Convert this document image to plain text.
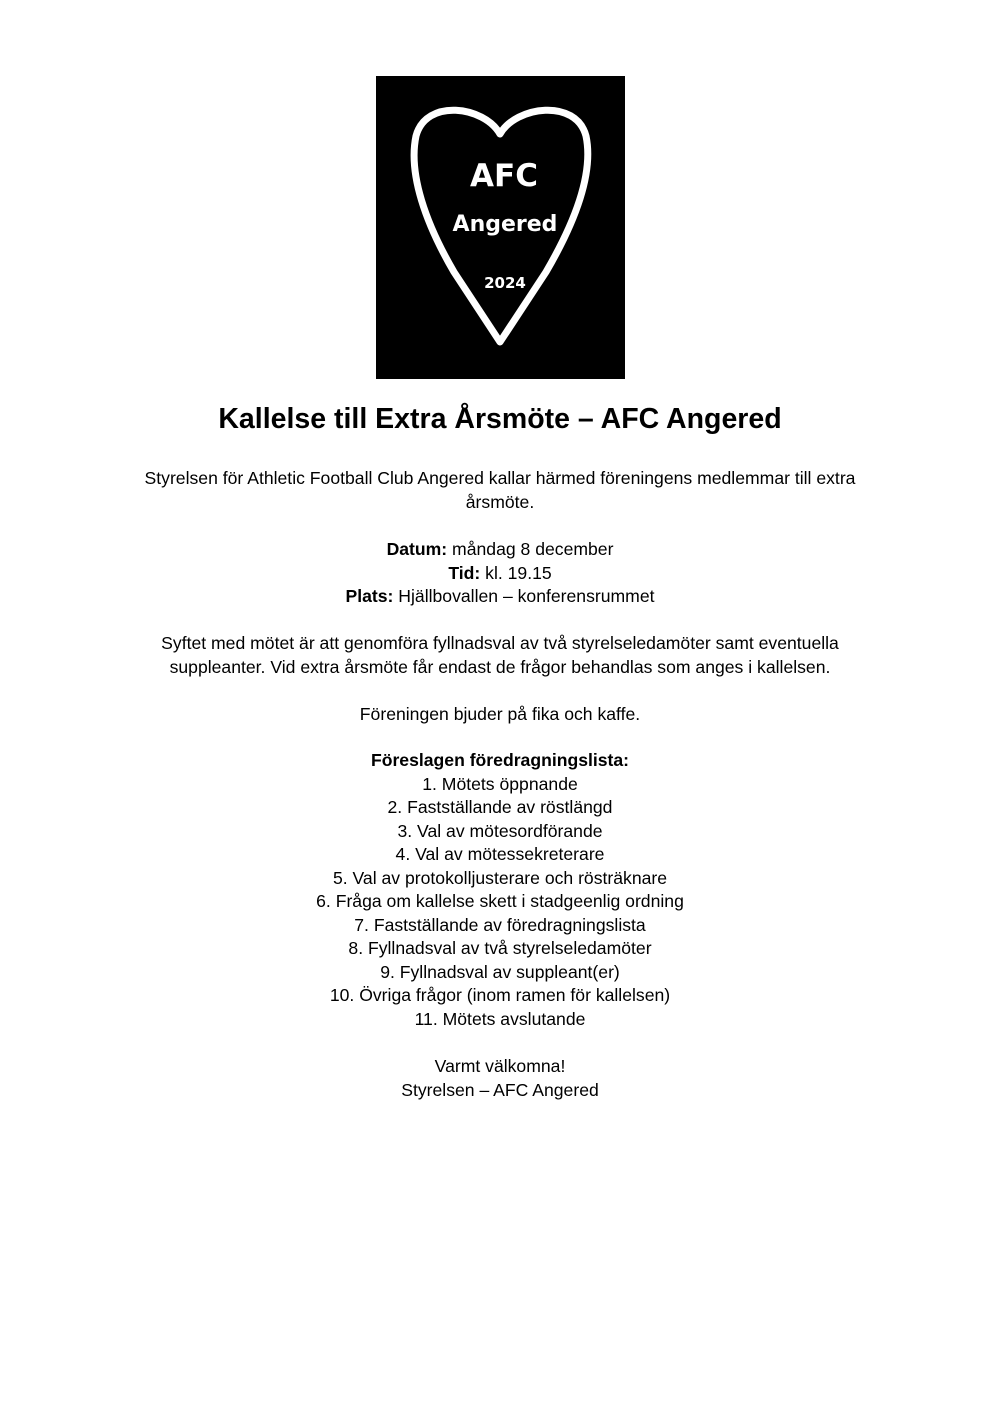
AFC
Angered
2024
Kallelse till Extra Årsmöte – AFC Angered

Styrelsen för Athletic Football Club Angered kallar härmed föreningens medlemmar till extra årsmöte.

Datum: måndag 8 december
Tid: kl. 19.15
Plats: Hjällbovallen – konferensrummet

Syftet med mötet är att genomföra fyllnadsval av två styrelseledamöter samt eventuella suppleanter. Vid extra årsmöte får endast de frågor behandlas som anges i kallelsen.

Föreningen bjuder på fika och kaffe.

Föreslagen föredragningslista:
1. Mötets öppnande
2. Fastställande av röstlängd
3. Val av mötesordförande
4. Val av mötessekreterare
5. Val av protokolljusterare och rösträknare
6. Fråga om kallelse skett i stadgeenlig ordning
7. Fastställande av föredragningslista
8. Fyllnadsval av två styrelseledamöter
9. Fyllnadsval av suppleant(er)
10. Övriga frågor (inom ramen för kallelsen)
11. Mötets avslutande
Varmt välkomna!
Styrelsen – AFC Angered
